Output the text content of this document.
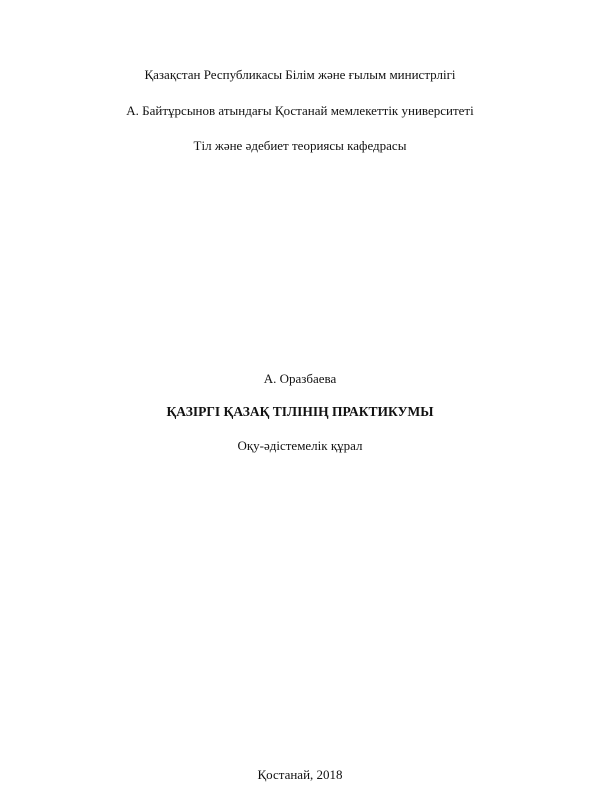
Қазақстан Республикасы Білім және ғылым министрлігі
А. Байтұрсынов атындағы Қостанай мемлекеттік университеті
Тіл және әдебиет теориясы кафедрасы
А. Оразбаева
ҚАЗІРГІ ҚАЗАҚ ТІЛІНІҢ ПРАКТИКУМЫ
Оқу-әдістемелік құрал
Қостанай, 2018
